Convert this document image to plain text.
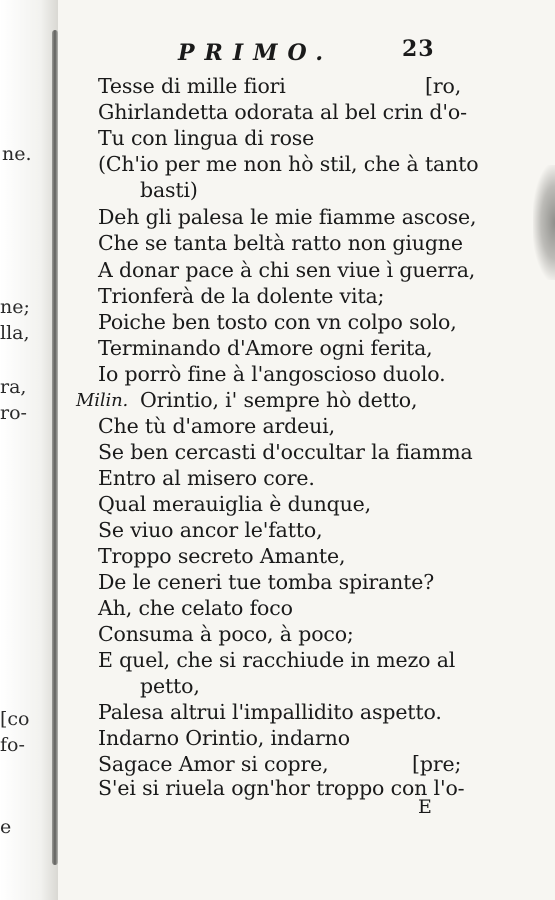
ne.
ne;
lla,
ra,
ro-
[co
fo-
e
PRIMO.	23
Tesse di mille fiori	[ro,
Ghirlandetta odorata al bel crin d'o-
Tu con lingua di rose
(Ch'io per me non hò stil, che à tanto
basti)
Deh gli palesa le mie fiamme ascose,
Che se tanta beltà ratto non giugne
A donar pace à chi sen viue ì guerra,
Trionferà de la dolente vita;
Poiche ben tosto con vn colpo solo,
Terminando d'Amore ogni ferita,
Io porrò fine à l'angoscioso duolo.
Milin. Orintio, i' sempre hò detto,
Che tù d'amore ardeui,
Se ben cercasti d'occultar la fiamma
Entro al misero core.
Qual merauiglia è dunque,
Se viuo ancor le'fatto,
Troppo secreto Amante,
De le ceneri tue tomba spirante?
Ah, che celato foco
Consuma à poco, à poco;
E quel, che si racchiude in mezo al
petto,
Palesa altrui l'impallidito aspetto.
Indarno Orintio, indarno
Sagace Amor si copre,	[pre;
S'ei si riuela ogn'hor troppo con l'o-
E
